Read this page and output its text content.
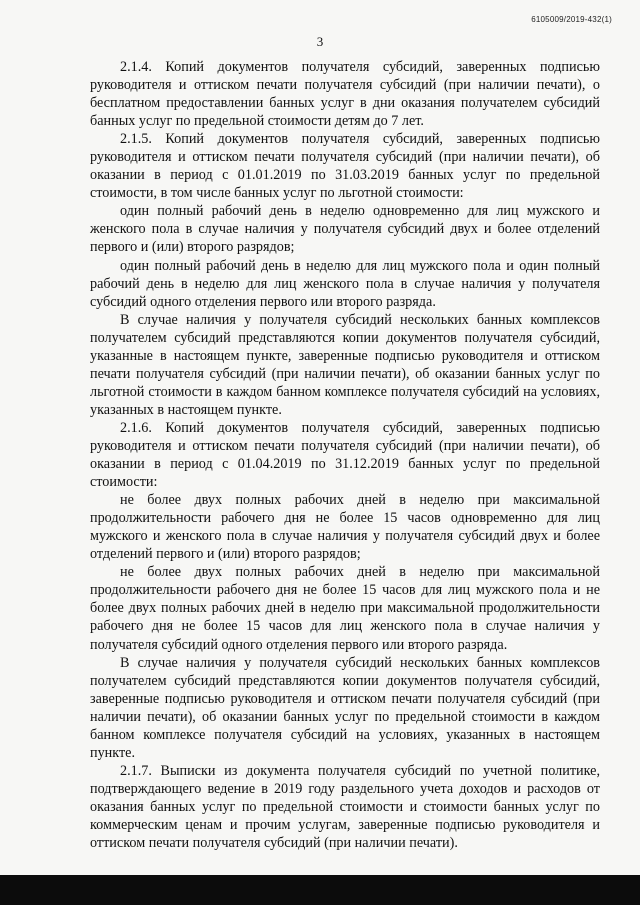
6105009/2019-432(1)
3

2.1.4. Копий документов получателя субсидий, заверенных подписью руководителя и оттиском печати получателя субсидий (при наличии печати), о бесплатном предоставлении банных услуг в дни оказания получателем субсидий банных услуг по предельной стоимости детям до 7 лет.

2.1.5. Копий документов получателя субсидий, заверенных подписью руководителя и оттиском печати получателя субсидий (при наличии печати), об оказании в период с 01.01.2019 по 31.03.2019 банных услуг по предельной стоимости, в том числе банных услуг по льготной стоимости:

один полный рабочий день в неделю одновременно для лиц мужского и женского пола в случае наличия у получателя субсидий двух и более отделений первого и (или) второго разрядов;

один полный рабочий день в неделю для лиц мужского пола и один полный рабочий день в неделю для лиц женского пола в случае наличия у получателя субсидий одного отделения первого или второго разряда.

В случае наличия у получателя субсидий нескольких банных комплексов получателем субсидий представляются копии документов получателя субсидий, указанные в настоящем пункте, заверенные подписью руководителя и оттиском печати получателя субсидий (при наличии печати), об оказании банных услуг по льготной стоимости в каждом банном комплексе получателя субсидий на условиях, указанных в настоящем пункте.

2.1.6. Копий документов получателя субсидий, заверенных подписью руководителя и оттиском печати получателя субсидий (при наличии печати), об оказании в период с 01.04.2019 по 31.12.2019 банных услуг по предельной стоимости:

не более двух полных рабочих дней в неделю при максимальной продолжительности рабочего дня не более 15 часов одновременно для лиц мужского и женского пола в случае наличия у получателя субсидий двух и более отделений первого и (или) второго разрядов;

не более двух полных рабочих дней в неделю при максимальной продолжительности рабочего дня не более 15 часов для лиц мужского пола и не более двух полных рабочих дней в неделю при максимальной продолжительности рабочего дня не более 15 часов для лиц женского пола в случае наличия у получателя субсидий одного отделения первого или второго разряда.

В случае наличия у получателя субсидий нескольких банных комплексов получателем субсидий представляются копии документов получателя субсидий, заверенные подписью руководителя и оттиском печати получателя субсидий (при наличии печати), об оказании банных услуг по предельной стоимости в каждом банном комплексе получателя субсидий на условиях, указанных в настоящем пункте.

2.1.7. Выписки из документа получателя субсидий по учетной политике, подтверждающего ведение в 2019 году раздельного учета доходов и расходов от оказания банных услуг по предельной стоимости и стоимости банных услуг по коммерческим ценам и прочим услугам, заверенные подписью руководителя и оттиском печати получателя субсидий (при наличии печати).
